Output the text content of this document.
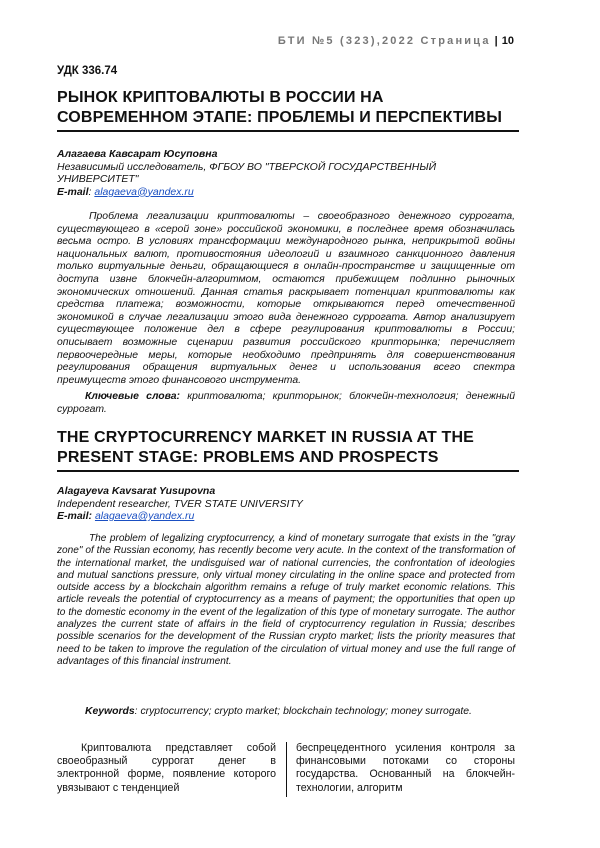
БТИ №5 (323),2022 Страница | 10
УДК 336.74
РЫНОК КРИПТОВАЛЮТЫ В РОССИИ НА СОВРЕМЕННОМ ЭТАПЕ: ПРОБЛЕМЫ И ПЕРСПЕКТИВЫ
Алагаева Кавсарат Юсуповна
Независимый исследователь, ФГБОУ ВО "ТВЕРСКОЙ ГОСУДАРСТВЕННЫЙ УНИВЕРСИТЕТ"
E-mail: alagaeva@yandex.ru

Проблема легализации криптовалюты – своеобразного денежного суррогата, существующего в «серой зоне» российской экономики, в последнее время обозначилась весьма остро. В условиях трансформации международного рынка, неприкрытой войны национальных валют, противостояния идеологий и взаимного санкционного давления только виртуальные деньги, обращающиеся в онлайн-пространстве и защищенные от доступа извне блокчейн-алгоритмом, остаются прибежищем подлинно рыночных экономических отношений. Данная статья раскрывает потенциал криптовалюты как средства платежа; возможности, которые открываются перед отечественной экономикой в случае легализации этого вида денежного суррогата. Автор анализирует существующее положение дел в сфере регулирования криптовалюты в России; описывает возможные сценарии развития российского крипторынка; перечисляет первоочередные меры, которые необходимо предпринять для совершенствования регулирования обращения виртуальных денег и использования всего спектра преимуществ этого финансового инструмента.

Ключевые слова: криптовалюта; крипторынок; блокчейн-технология; денежный суррогат.

THE CRYPTOCURRENCY MARKET IN RUSSIA AT THE PRESENT STAGE: PROBLEMS AND PROSPECTS
Alagayeva Kavsarat Yusupovna
Independent researcher, TVER STATE UNIVERSITY
E-mail: alagaeva@yandex.ru

The problem of legalizing cryptocurrency, a kind of monetary surrogate that exists in the "gray zone" of the Russian economy, has recently become very acute. In the context of the transformation of the international market, the undisguised war of national currencies, the confrontation of ideologies and mutual sanctions pressure, only virtual money circulating in the online space and protected from outside access by a blockchain algorithm remains a refuge of truly market economic relations. This article reveals the potential of cryptocurrency as a means of payment; the opportunities that open up to the domestic economy in the event of the legalization of this type of monetary surrogate. The author analyzes the current state of affairs in the field of cryptocurrency regulation in Russia; describes possible scenarios for the development of the Russian crypto market; lists the priority measures that need to be taken to improve the regulation of the circulation of virtual money and use the full range of advantages of this financial instrument.

Keywords: cryptocurrency; crypto market; blockchain technology; money surrogate.

Криптовалюта представляет собой своеобразный суррогат денег в электронной форме, появление которого увязывают с тенденцией

беспрецедентного усиления контроля за финансовыми потоками со стороны государства. Основанный на блокчейн-технологии, алгоритм
